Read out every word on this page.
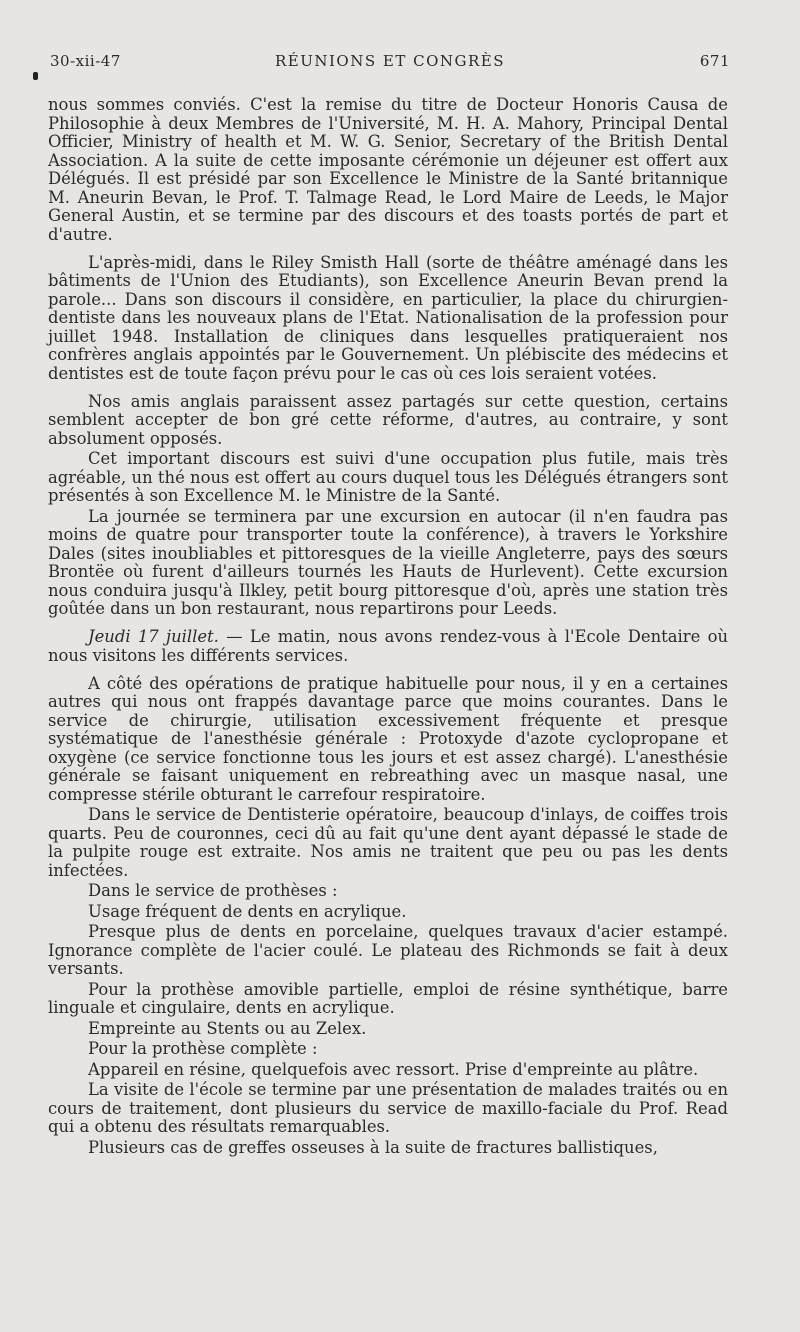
30-xii-47	RÉUNIONS ET CONGRÈS	671

nous sommes conviés. C'est la remise du titre de Docteur Honoris Causa de Philosophie à deux Membres de l'Université, M. H. A. Mahory, Principal Dental Officier, Ministry of health et M. W. G. Senior, Secretary of the British Dental Association. A la suite de cette imposante cérémonie un déjeuner est offert aux Délégués. Il est présidé par son Excellence le Ministre de la Santé britannique M. Aneurin Bevan, le Prof. T. Talmage Read, le Lord Maire de Leeds, le Major General Austin, et se termine par des discours et des toasts portés de part et d'autre.

L'après-midi, dans le Riley Smisth Hall (sorte de théâtre aménagé dans les bâtiments de l'Union des Etudiants), son Excellence Aneurin Bevan prend la parole... Dans son discours il considère, en particulier, la place du chirurgien-dentiste dans les nouveaux plans de l'Etat. Nationalisation de la profession pour juillet 1948. Installation de cliniques dans lesquelles pratiqueraient nos confrères anglais appointés par le Gouvernement. Un plébiscite des médecins et dentistes est de toute façon prévu pour le cas où ces lois seraient votées.

Nos amis anglais paraissent assez partagés sur cette question, certains semblent accepter de bon gré cette réforme, d'autres, au contraire, y sont absolument opposés.

Cet important discours est suivi d'une occupation plus futile, mais très agréable, un thé nous est offert au cours duquel tous les Délégués étrangers sont présentés à son Excellence M. le Ministre de la Santé.

La journée se terminera par une excursion en autocar (il n'en faudra pas moins de quatre pour transporter toute la conférence), à travers le Yorkshire Dales (sites inoubliables et pittoresques de la vieille Angleterre, pays des sœurs Brontëe où furent d'ailleurs tournés les Hauts de Hurlevent). Cette excursion nous conduira jusqu'à Ilkley, petit bourg pittoresque d'où, après une station très goûtée dans un bon restaurant, nous repartirons pour Leeds.

Jeudi 17 juillet. — Le matin, nous avons rendez-vous à l'Ecole Dentaire où nous visitons les différents services.

A côté des opérations de pratique habituelle pour nous, il y en a certaines autres qui nous ont frappés davantage parce que moins courantes. Dans le service de chirurgie, utilisation excessivement fréquente et presque systématique de l'anesthésie générale : Protoxyde d'azote cyclopropane et oxygène (ce service fonctionne tous les jours et est assez chargé). L'anesthésie générale se faisant uniquement en rebreathing avec un masque nasal, une compresse stérile obturant le carrefour respiratoire.

Dans le service de Dentisterie opératoire, beaucoup d'inlays, de coiffes trois quarts. Peu de couronnes, ceci dû au fait qu'une dent ayant dépassé le stade de la pulpite rouge est extraite. Nos amis ne traitent que peu ou pas les dents infectées.

Dans le service de prothèses :

Usage fréquent de dents en acrylique.

Presque plus de dents en porcelaine, quelques travaux d'acier estampé. Ignorance complète de l'acier coulé. Le plateau des Richmonds se fait à deux versants.

Pour la prothèse amovible partielle, emploi de résine synthétique, barre linguale et cingulaire, dents en acrylique.

Empreinte au Stents ou au Zelex.

Pour la prothèse complète :

Appareil en résine, quelquefois avec ressort. Prise d'empreinte au plâtre.

La visite de l'école se termine par une présentation de malades traités ou en cours de traitement, dont plusieurs du service de maxillo-faciale du Prof. Read qui a obtenu des résultats remarquables.

Plusieurs cas de greffes osseuses à la suite de fractures ballistiques,
